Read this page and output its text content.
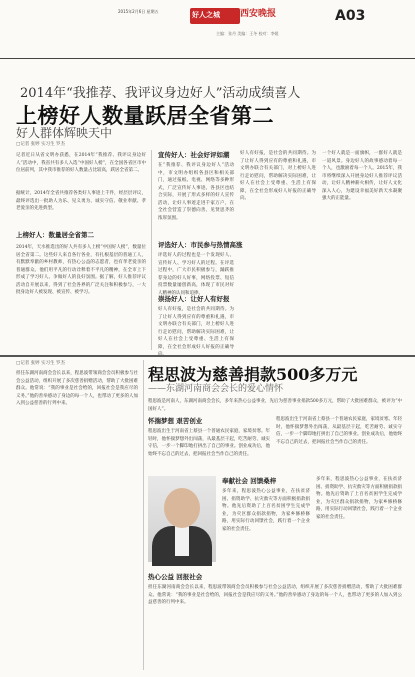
2015年2月6日 星期五	好人之城 西安晚报	A03
主编：张丹 美编：王冬 校对：李媛
2014年“我推荐、我评议身边好人”活动成绩喜人
上榜好人数量跃居全省第二
好人群体辉映天中
□记者 张婷 实习生 罗杰
记者近日从省文明办获悉，在2014年“我推荐、我评议身边好人”活动中，我省共有多人入选“中国好人榜”，在全国各省区市中位居前列，其中我市推荐的好人数量占比较高，跃居全省第二。
据统计，2014年全省共推荐各类好人事迹上千件，经层层评议，最终评选出一批助人为乐、见义勇为、诚实守信、敬业奉献、孝老爱亲的先进典型。
上榜好人：数量居全省第二
2014年，天水推选出的好人共有多人上榜“中国好人榜”，数量位居全省第二。这些好人来自各行各业，有扎根基层的普通工人，有默默奉献的乡村教师，有热心公益的志愿者，也有孝老爱亲的普通群众。他们用平凡的行动诠释着不平凡的精神，在全市上下形成了学习好人、争做好人的良好氛围。据了解，好人推荐评议活动自开展以来，得到了社会各界的广泛关注和积极参与，一大批身边好人被发现、被宣传、被学习。
宣传好人：社会好评如潮
在“我推荐、我评议身边好人”活动中，市文明办组织各县区和相关部门，通过报纸、电视、网络等多种形式，广泛宣传好人事迹。各县区也结合实际，开展了形式多样的好人宣传活动，让好人事迹走进千家万户，在全社会营造了崇德向善、见贤思齐的浓厚氛围。
评选好人：市民参与热情高涨
评选好人的过程也是一个发现好人、宣传好人、学习好人的过程。在评选过程中，广大市民积极参与，踊跃推荐身边的好人好事，网络投票、短信投票数量屡创新高，体现了市民对好人精神的认同和追捧。
崇扬好人：让好人有好报
好人有好报，是社会的共同期待。为了让好人得到应有的尊重和礼遇，市文明办联合有关部门，对上榜好人进行走访慰问，帮助解决实际困难，让好人在社会上受尊重、生活上有保障，在全社会形成好人好报的正确导
好人有好报，是社会的共同期待。为了让好人得到应有的尊重和礼遇，市文明办联合有关部门，对上榜好人进行走访慰问，帮助解决实际困难，让好人在社会上受尊重、生活上有保障，在全社会形成好人好报的正确导向。
一个好人就是一面旗帜，一群好人就是一道风景。身边好人的故事感动着每一个人，也激励着每一个人。2015年，我市将继续深入开展身边好人推荐评议活动，让好人精神薪火相传，让好人文化深入人心，为建设幸福美好新天水凝聚强大的正能量。
□记者 张婷 实习生 罗杰
担任东湖河南商会会长以来，程思波带领商会会员积极参与社会公益活动，组织开展了多次慈善捐赠活动，帮助了大批困难群众。他常说：“我的事业是社会给的，回报社会是我应尽的义务。”他的善举感动了身边的每一个人，也带动了更多的人加入到公益慈善的行列中来。
程思波为慈善捐款500多万元
——东湖河南商会会长的爱心情怀
程思波是河南人，东湖河南商会会长，多年来热心公益事业，先后为慈善事业捐款500多万元，帮助了大批困难群众，被评为“中国好人”。
怀揣梦想 艰苦创业
程思波出生于河南省上蔡县一个普通农民家庭，家境贫寒。年轻时，他怀揣梦想外出闯荡，从最基层干起，吃苦耐劳、诚实守信，一步一个脚印地打拼出了自己的事业。创业成功后，他始终不忘自己的过去，把回报社会当作自己的责任。
奉献社会 回馈桑梓
多年来，程思波热心公益事业，在扶贫济困、捐资助学、抗灾救灾等方面积极捐款捐物。他先后资助了上百名贫困学生完成学业，为灾区群众捐款捐物，为家乡修桥修路，用实际行动回馈社会，践行着一个企业家的社会责任。
程思波出生于河南省上蔡县一个普通农民家庭，家境贫寒。年轻时，他怀揣梦想外出闯荡，从最基层干起，吃苦耐劳、诚实守信，一步一个脚印地打拼出了自己的事业。创业成功后，他始终不忘自己的过去，把回报社会当作自己的责任。
多年来，程思波热心公益事业，在扶贫济困、捐资助学、抗灾救灾等方面积极捐款捐物。他先后资助了上百名贫困学生完成学业，为灾区群众捐款捐物，为家乡修桥修路，用实际行动回馈社会，践行着一个企业家的社会责任。
热心公益 回报社会
担任东湖河南商会会长以来，程思波带领商会会员积极参与社会公益活动，组织开展了多次慈善捐赠活动，帮助了大批困难群众。他常说：“我的事业是社会给的，回报社会是我应尽的义务。”他的善举感动了身边的每一个人，也带动了更多的人加入到公益慈善的行列中来。
